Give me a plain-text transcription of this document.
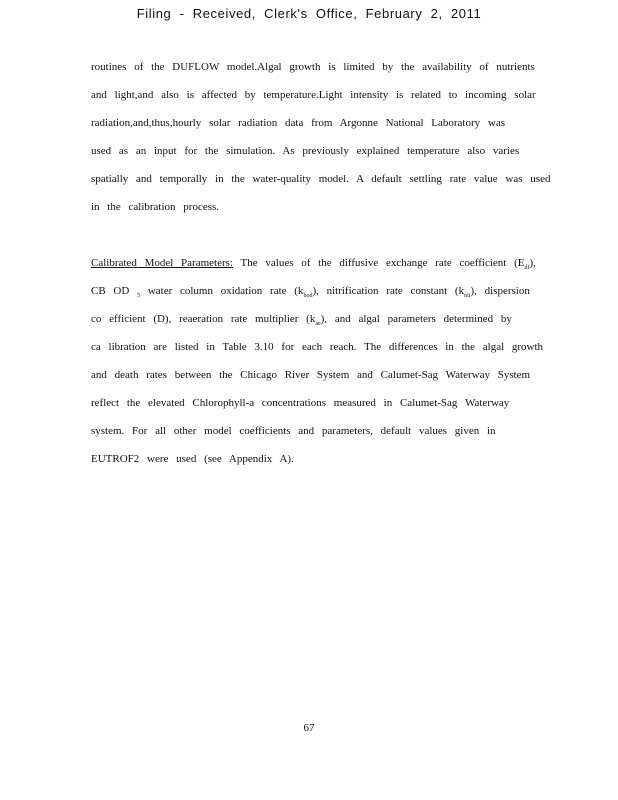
Filing - Received, Clerk's Office, February 2, 2011
routines of the DUFLOW model.Algal growth is limited by the availability of nutrients
and light,and also is affected by temperature.Light intensity is related to incoming solar
radiation,and,thus,hourly solar radiation data from Argonne National Laboratory was
used as an input for the simulation. As previously explained temperature also varies
spatially and temporally in the water-quality model. A default settling rate value was used
in the calibration process.
Calibrated Model Parameters: The values of the diffusive exchange rate coefficient $(E_{df})$,
CB OD $_5$ water column oxidation rate $(k_{bod})$, nitrification rate constant $(k_{nit})$, dispersion
co efficient (D), reaeration rate multiplier $(k_{ae})$, and algal parameters determined by
ca libration are listed in Table 3.10 for each reach. The differences in the algal growth
and death rates between the Chicago River System and Calumet-Sag Waterway System
reflect the elevated Chlorophyll-a concentrations measured in Calumet-Sag Waterway
system. For all other model coefficients and parameters, default values given in
EUTROF2 were used (see Appendix A).
67
